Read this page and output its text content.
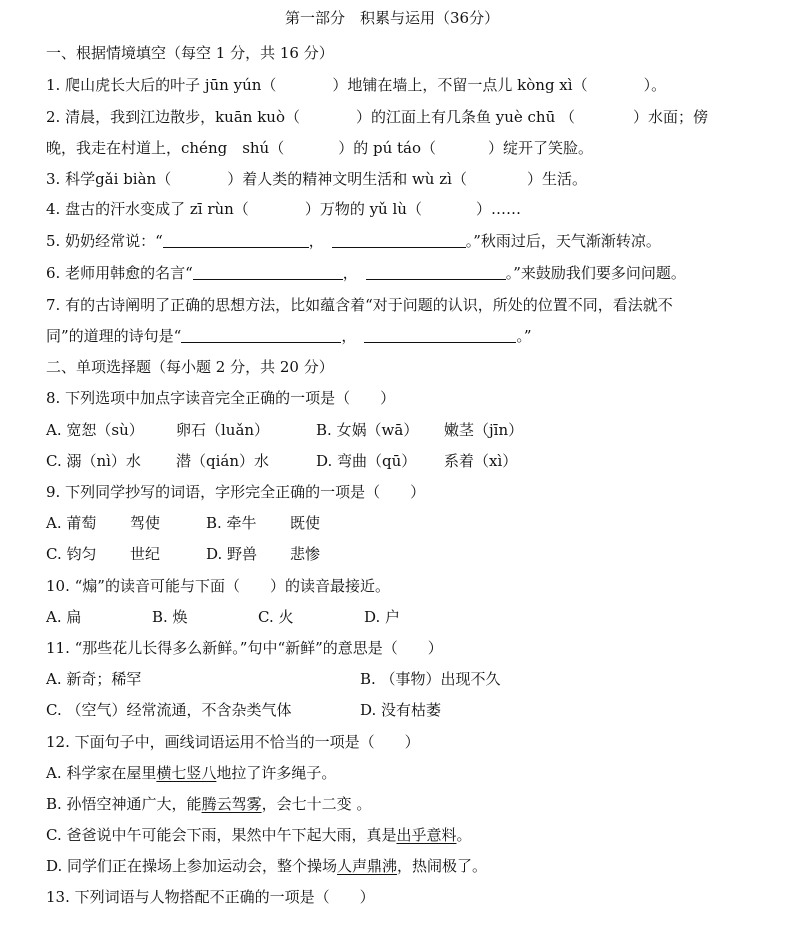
第一部分　积累与运用（36分）
一、根据情境填空（每空 1 分，共 16 分）
1. 爬山虎长大后的叶子 jūn yún（	）地铺在墙上，不留一点儿 kòng xì（	）。
2. 清晨，我到江边散步，kuān kuò（	）的江面上有几条鱼 yuè chū （	）水面；傍
晚，我走在村道上，chéng　shú（	）的 pú táo（	）绽开了笑脸。
3. 科学gǎi biàn（	）着人类的精神文明生活和 wù zì（	）生活。
4. 盘古的汗水变成了 zī rùn（	）万物的 yǔ lù（	）……
5. 奶奶经常说：“	，	。”秋雨过后，天气渐渐转凉。
6. 老师用韩愈的名言“	，	。”来鼓励我们要多问问题。
7. 有的古诗阐明了正确的思想方法，比如蕴含着“对于问题的认识，所处的位置不同，看法就不
同”的道理的诗句是“	，	。”
二、单项选择题（每小题 2 分，共 20 分）
8. 下列选项中加点字读音完全正确的一项是（　　）
A. 宽恕（sù） 卵石（luǎn）	B. 女娲（wā） 嫩茎（jīn）
C. 溺（nì）水 潜（qián）水	D. 弯曲（qū） 系着（xì）
9. 下列同学抄写的词语，字形完全正确的一项是（　　）
A. 莆萄 驾使	B. 牵牛 既使
C. 钧匀 世纪	D. 野兽 悲惨
10. “煽”的读音可能与下面（　　）的读音最接近。
A. 扁	B. 焕	C. 火	D. 户
11. “那些花儿长得多么新鲜。”句中“新鲜”的意思是（　　）
A. 新奇；稀罕	B. （事物）出现不久
C. （空气）经常流通，不含杂类气体	D. 没有枯萎
12. 下面句子中，画线词语运用不恰当的一项是（　　）
A. 科学家在屋里横七竖八地拉了许多绳子。
B. 孙悟空神通广大，能腾云驾雾，会七十二变 。
C. 爸爸说中午可能会下雨，果然中午下起大雨，真是出乎意料。
D. 同学们正在操场上参加运动会，整个操场人声鼎沸，热闹极了。
13. 下列词语与人物搭配不正确的一项是（　　）
